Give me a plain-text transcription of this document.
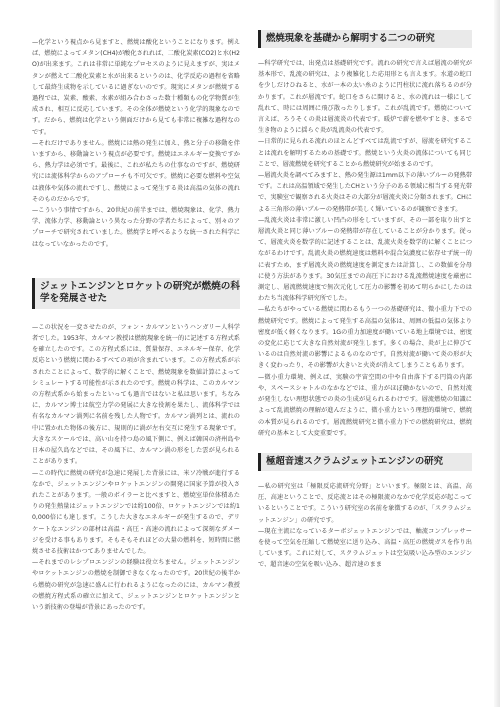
—化学という視点から見ますと、燃焼は酸化ということになります。例えば、燃焼によってメタン(CH4)が酸化されれば、二酸化炭素(CO2)と水(H2O)が出来ます。これは非常に単純なプロセスのように見えますが、実はメタンが燃えて二酸化炭素と水が出来るというのは、化学反応の過程を省略して最終生成物を示しているに過ぎないのです。現実にメタンが燃焼する過程では、炭素、酸素、水素が組み合わさった数十種類もの化学物質が生成され、相互に反応しています。その全体が燃焼という化学的現象なのです。だから、燃焼は化学という側面だけから見ても非常に複雑な過程なのです。

—それだけでありません。燃焼には熱の発生に加え、熱と分子の移動を伴いますから、移動論という視点が必要です。燃焼はエネルギー変換ですから、熱力学は必須です。最後に、これが私たちの仕事なのですが、燃焼研究には流体科学からのアプローチも不可欠です。燃焼に必要な燃料や空気は液体や気体の流れですし、燃焼によって発生する炎は高温の気体の流れそのものだからです。

—こういう事情ですから、20世紀の前半までは、燃焼現象は、化学、熱力学、流体力学、移動論という異なった分野の学者たちによって、別々のアプローチで研究されていました。燃焼学と呼べるような統一された科学にはなっていなかったのです。

ジェットエンジンとロケットの研究が燃焼の科学を発展させた

—この状況を一変させたのが、フォン・カルマンというハンガリー人科学者でした。1953年、カルマン教授は燃焼現象を統一的に記述する方程式系を確立したのです。この方程式系には、質量保存、エネルギー保存、化学反応という燃焼に関わるすべての項が含まれています。この方程式系が示されたことによって、数学的に解くことで、燃焼現象を数値計算によってシミュレートする可能性が示されたのです。燃焼の科学は、このカルマンの方程式系から始まったといっても過言ではないと私は思います。ちなみに、カルマン博士は航空力学の発展に大きな役割を果たし、流体科学では有名なカルマン渦列に名前を残した人物です。カルマン渦列とは、流れの中に置かれた物体の後方に、規則的に渦が左右交互に発生する現象です。大きなスケールでは、高い山を持つ島の風下側に、例えば韓国の済州島や日本の屋久島などでは、その風下に、カルマン渦の形をした雲が見られることがあります。

—この時代に燃焼の研究が急速に発展した背景には、米ソ冷戦が進行するなかで、ジェットエンジンやロケットエンジンの開発に国家予算が投入されたことがあります。一般のボイラーと比べますと、燃焼室単位体積あたりの発生熱量はジェットエンジンでは約100倍、ロケットエンジンでは約10,000倍にも達します。こうした大きなエネルギーが発生するので、デリケートなエンジンの部材は高温・高圧・高速の流れによって深刻なダメージを受ける事もあります。そもそもそれほどの大量の燃料を、短時間に燃焼させる技術はかつてありませんでした。

—それまでのレシプロエンジンの経験は役立ちません。ジェットエンジンやロケットエンジンの燃焼を制御できなくなったのです。20世紀の後半から燃焼の研究が急速に盛んに行われるようになったのには、カルマン教授の燃焼方程式系の確立に加えて、ジェットエンジンとロケットエンジンという新技術の登場が背景にあったのです。

燃焼現象を基礎から解明する二つの研究

—科学研究では、出発点は基礎研究です。流れの研究で言えば層流の研究が基本形で、乱流の研究は、より複雑化した応用形とも言えます。水道の蛇口を少しだけひねると、水が一本の太い糸のように円柱状に流れ落ちるのが分かります。これが層流です。蛇口をさらに開けると、水の流れは一様にして乱れて、時には周囲に飛び散ったりします。これが乱流です。燃焼について言えば、ろうそくの炎は層流炎の代表です。暖炉で薪を燃やすとき、まるで生き物のように揺らぐ炎が乱流炎の代表です。

—日常的に見られる流れのほとんどすべては乱流ですが、層流を研究することは流れを解明するための基礎です。燃焼という火炎の流体についても同じことで、層流燃焼を研究することから燃焼研究が始まるのです。

—層流火炎を調べてみますと、熱の発生源は1mm以下の薄いブルーの発熱帯です。これは高温領域で発生したCHという分子のある領域に相当する発光帯で、実験室で観察される火炎はその大部分が層流火炎に分類されます。CHによる三角形の薄いブルーの発熱帯が美しく輝いているのが観察できます。

—乱流火炎は非常に激しい凹凸の形をしていますが、その一部を取り出すと層流火炎と同じ薄いブルーの発熱帯が存在していることが分かります。従って、層流火炎を数学的に記述することは、乱流火炎を数学的に解くことにつながるわけです。乱流火炎の燃焼速度は燃料や混合気濃度に依存せず統一的に表すため、まず層流火炎の燃焼速度を測定または計算し、この数値を分母に使う方法があります。30気圧までの高圧下における乱流燃焼速度を厳密に測定し、層流燃焼速度で無次元化して圧力の影響を初めて明らかにしたのはわたち当流体科学研究所でした。

—私たちがやっている燃焼に関わるもう一つの基礎研究は、微小重力下での燃焼研究です。燃焼によって発生する高温の気体は、周囲の低温の気体より密度が低く軽くなります。1Gの重力加速度が働いている地上環境では、密度の変化に応じて大きな自然対流が発生します。多くの場合、炎が上に伸びているのは自然対流の影響によるものなのです。自然対流が働いて炎の形が大きく変わったり、その影響が大きいと火炎が消えてしまうこともあります。

—微小重力環境、例えば、実験の宇宙空間の中や自由落下する円筒の内部や、スペースシャトルのなかなどでは、重力がほぼ働かないので、自然対流が発生しない理想状態での炎の生成が見られるわけです。層流燃焼の知識によって乱流燃焼の理解が進んだように、微小重力という理想的環境で、燃焼の本質が見られるのです。層流燃焼研究と微小重力下での燃焼研究は、燃焼研究の基本として大変重要です。

極超音速スクラムジェットエンジンの研究

—私の研究室は「極限反応流研究分野」といいます。極限とは、高温、高圧、高速ということで、反応流とはその極限流のなかで化学反応が起こっているということです。こういう研究室の名前を象徴するのが、「スクラムジェットエンジン」の研究です。

—現在主流になっているターボジェットエンジンでは、軸流コンプレッサーを使って空気を圧縮して燃焼室に送り込み、高温・高圧の燃焼ガスを作り出しています。これに対して、スクラムジェットは空気吸い込み型のエンジンで、超音速の空気を吸い込み、超音速のまま
